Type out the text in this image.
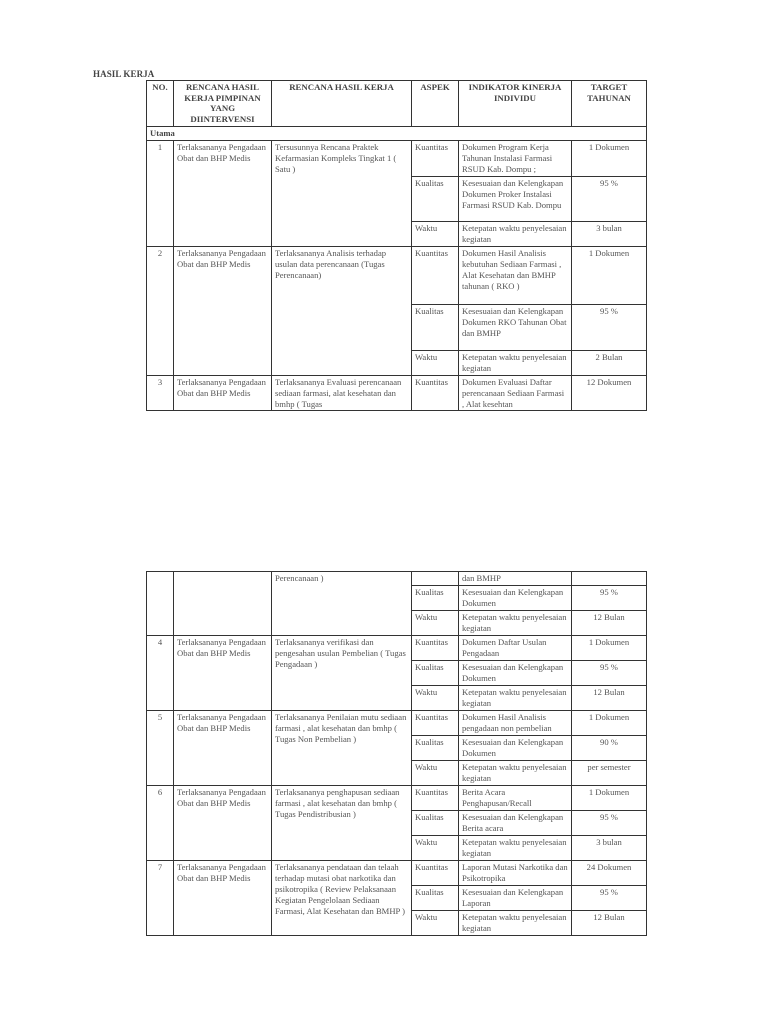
HASIL KERJA
NO.	RENCANA HASIL KERJA PIMPINAN YANG DIINTERVENSI	RENCANA HASIL KERJA	ASPEK	INDIKATOR KINERJA INDIVIDU	TARGET TAHUNAN
Utama					
1	Terlaksananya Pengadaan Obat dan BHP Medis	Tersusunnya Rencana Praktek Kefarmasian Kompleks Tingkat 1 ( Satu )	Kuantitas	Dokumen Program Kerja Tahunan Instalasi Farmasi RSUD Kab. Dompu ;	1 Dokumen
			Kualitas	Kesesuaian dan Kelengkapan Dokumen Proker Instalasi Farmasi RSUD Kab. Dompu	95 %
			Waktu	Ketepatan waktu penyelesaian kegiatan	3 bulan
2	Terlaksananya Pengadaan Obat dan BHP Medis	Terlaksananya Analisis terhadap usulan data perencanaan (Tugas Perencanaan)	Kuantitas	Dokumen Hasil Analisis kebutuhan Sediaan Farmasi , Alat Kesehatan dan BMHP tahunan ( RKO )	1 Dokumen
			Kualitas	Kesesuaian dan Kelengkapan Dokumen RKO Tahunan Obat dan BMHP	95 %
			Waktu	Ketepatan waktu penyelesaian kegiatan	2 Bulan

3	Terlaksananya Pengadaan Obat dan BHP Medis	Terlaksananya Evaluasi perencanaan sediaan farmasi, alat kesehatan dan bmhp ( Tugas	Kuantitas	Dokumen Evaluasi Daftar perencanaan Sediaan Farmasi , Alat kesehtan	12 Dokumen
		Perencanaan )		dan BMHP	
			Kualitas	Kesesuaian dan Kelengkapan Dokumen	95 %
			Waktu	Ketepatan waktu penyelesaian kegiatan	12 Bulan
4	Terlaksananya Pengadaan Obat dan BHP Medis	Terlaksananya verifikasi dan pengesahan usulan Pembelian ( Tugas Pengadaan )	Kuantitas	Dokumen Daftar Usulan Pengadaan	1 Dokumen
			Kualitas	Kesesuaian dan Kelengkapan Dokumen	95 %
			Waktu	Ketepatan waktu penyelesaian kegiatan	12 Bulan
5	Terlaksananya Pengadaan Obat dan BHP Medis	Terlaksananya Penilaian mutu sediaan farmasi , alat kesehatan dan bmhp ( Tugas Non Pembelian )	Kuantitas	Dokumen Hasil Analisis pengadaan non pembelian	1 Dokumen
			Kualitas	Kesesuaian dan Kelengkapan Dokumen	90 %
			Waktu	Ketepatan waktu penyelesaian kegiatan	per semester
6	Terlaksananya Pengadaan Obat dan BHP Medis	Terlaksananya penghapusan sediaan farmasi , alat kesehatan dan bmhp ( Tugas Pendistribusian )	Kuantitas	Berita Acara Penghapusan/Recall	1 Dokumen
			Kualitas	Kesesuaian dan Kelengkapan Berita acara	95 %
			Waktu	Ketepatan waktu penyelesaian kegiatan	3 bulan
7	Terlaksananya Pengadaan Obat dan BHP Medis	Terlaksananya pendataan dan telaah terhadap mutasi obat narkotika dan psikotropika ( Review Pelaksanaan Kegiatan Pengelolaan Sediaan Farmasi, Alat Kesehatan dan BMHP )	Kuantitas	Laporan Mutasi Narkotika dan Psikotropika	24 Dokumen
			Kualitas	Kesesuaian dan Kelengkapan Laporan	95 %
			Waktu	Ketepatan waktu penyelesaian kegiatan	12 Bulan
